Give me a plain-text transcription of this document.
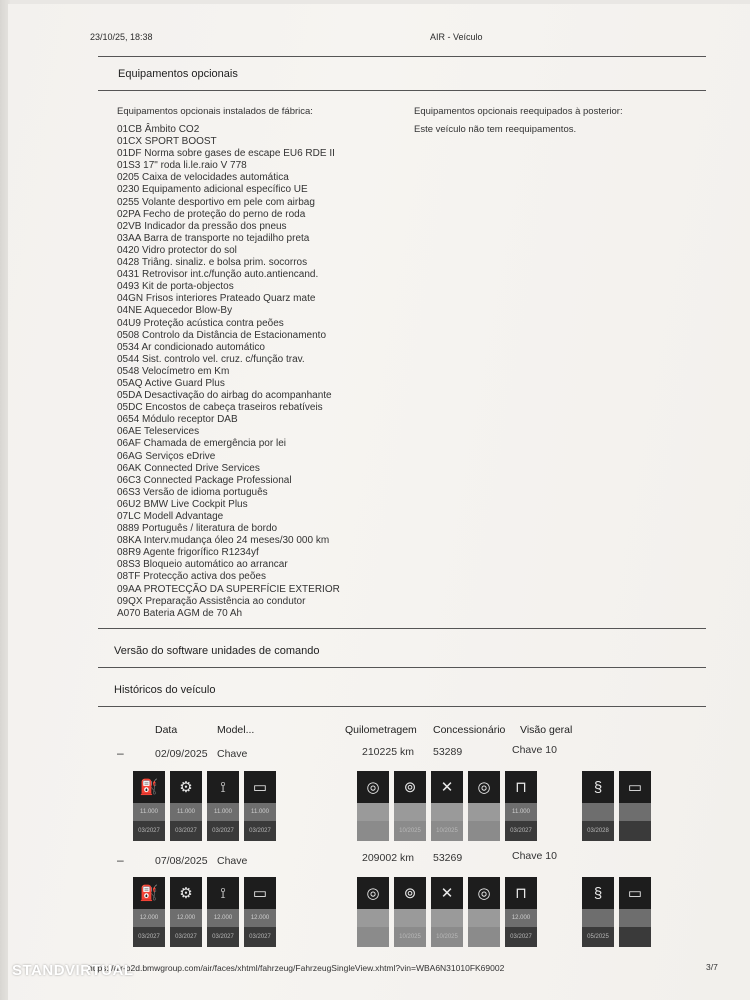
23/10/25, 18:38	AIR - Veículo
Equipamentos opcionais
Equipamentos opcionais instalados de fábrica:	Equipamentos opcionais reequipados à posterior:
Este veículo não tem reequipamentos.
01CB Âmbito CO2
01CX SPORT BOOST
01DF Norma sobre gases de escape EU6 RDE II
01S3 17" roda li.le.raio V 778
0205 Caixa de velocidades automática
0230 Equipamento adicional específico UE
0255 Volante desportivo em pele com airbag
02PA Fecho de proteção do perno de roda
02VB Indicador da pressão dos pneus
03AA Barra de transporte no tejadilho preta
0420 Vidro protector do sol
0428 Triâng. sinaliz. e bolsa prim. socorros
0431 Retrovisor int.c/função auto.antiencand.
0493 Kit de porta-objectos
04GN Frisos interiores Prateado Quarz mate
04NE Aquecedor Blow-By
04U9 Proteção acústica contra peões
0508 Controlo da Distância de Estacionamento
0534 Ar condicionado automático
0544 Sist. controlo vel. cruz. c/função trav.
0548 Velocímetro em Km
05AQ Active Guard Plus
05DA Desactivação do airbag do acompanhante
05DC Encostos de cabeça traseiros rebatíveis
0654 Módulo receptor DAB
06AE Teleservices
06AF Chamada de emergência por lei
06AG Serviços eDrive
06AK Connected Drive Services
06C3 Connected Package Professional
06S3 Versão de idioma português
06U2 BMW Live Cockpit Plus
07LC Modell Advantage
0889 Português / literatura de bordo
08KA Interv.mudança óleo 24 meses/30 000 km
08R9 Agente frigorífico R1234yf
08S3 Bloqueio automático ao arrancar
08TF Protecção activa dos peões
09AA PROTECÇÃO DA SUPERFÍCIE EXTERIOR
09QX Preparação Assistência ao condutor
A070 Bateria AGM de 70 Ah
Versão do software unidades de comando
Históricos do veículo
Data	Model...	Quilometragem Concessionário Visão geral
–	02/09/2025 Chave	210225 km 53289	Chave 10
–	07/08/2025 Chave	209002 km 53269	Chave 10
⛽
11.000
03/2027
⚙
11.000
03/2027
⟟
11.000
03/2027
▭
11.000
03/2027
◎	⊚
10/2025
✕
10/2025
◎	⊓
11.000
03/2027
§
03/2028
▭
⛽
12.000
03/2027
⚙
12.000
03/2027
⟟
12.000
03/2027
▭
12.000
03/2027
◎	⊚
10/2025
✕
10/2025
◎	⊓
12.000
03/2027
§
05/2025
▭
https://air-b2d.bmwgroup.com/air/faces/xhtml/fahrzeug/FahrzeugSingleView.xhtml?vin=WBA6N31010FK69002	3/7
STANDVIRTUAL
